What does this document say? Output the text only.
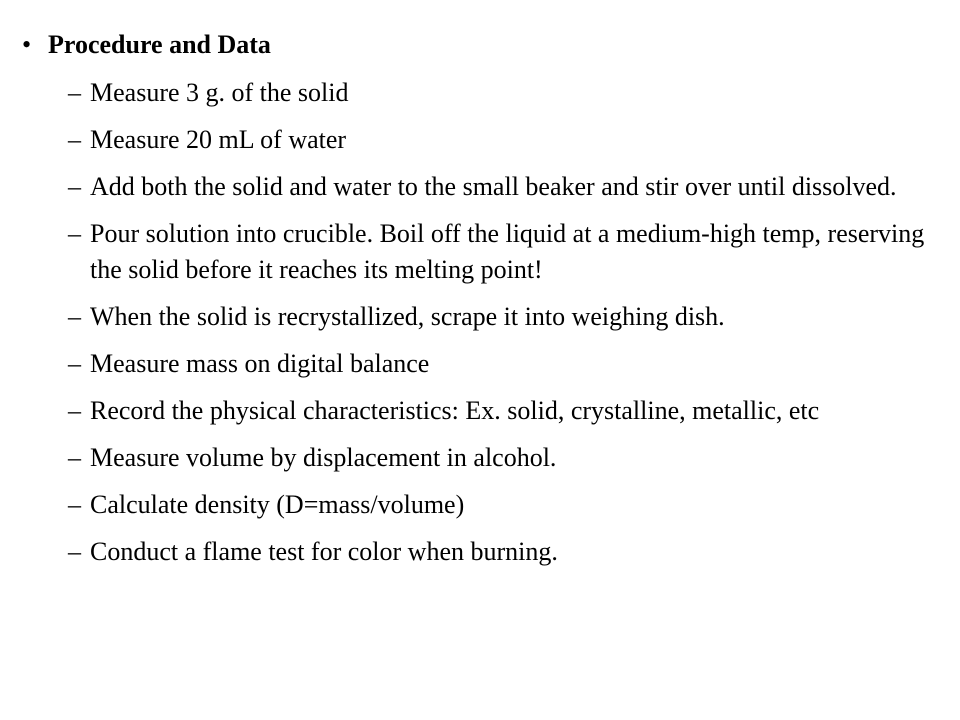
• Procedure and Data
– Measure 3 g. of the solid
– Measure 20 mL of water
– Add both the solid and water to the small beaker and stir over until dissolved.
– Pour solution into crucible. Boil off the liquid at a medium-high temp, reserving the solid before it reaches its melting point!
– When the solid is recrystallized, scrape it into weighing dish.
– Measure mass on digital balance
– Record the physical characteristics: Ex. solid, crystalline, metallic, etc
– Measure volume by displacement in alcohol.
– Calculate density (D=mass/volume)
– Conduct a flame test for color when burning.
